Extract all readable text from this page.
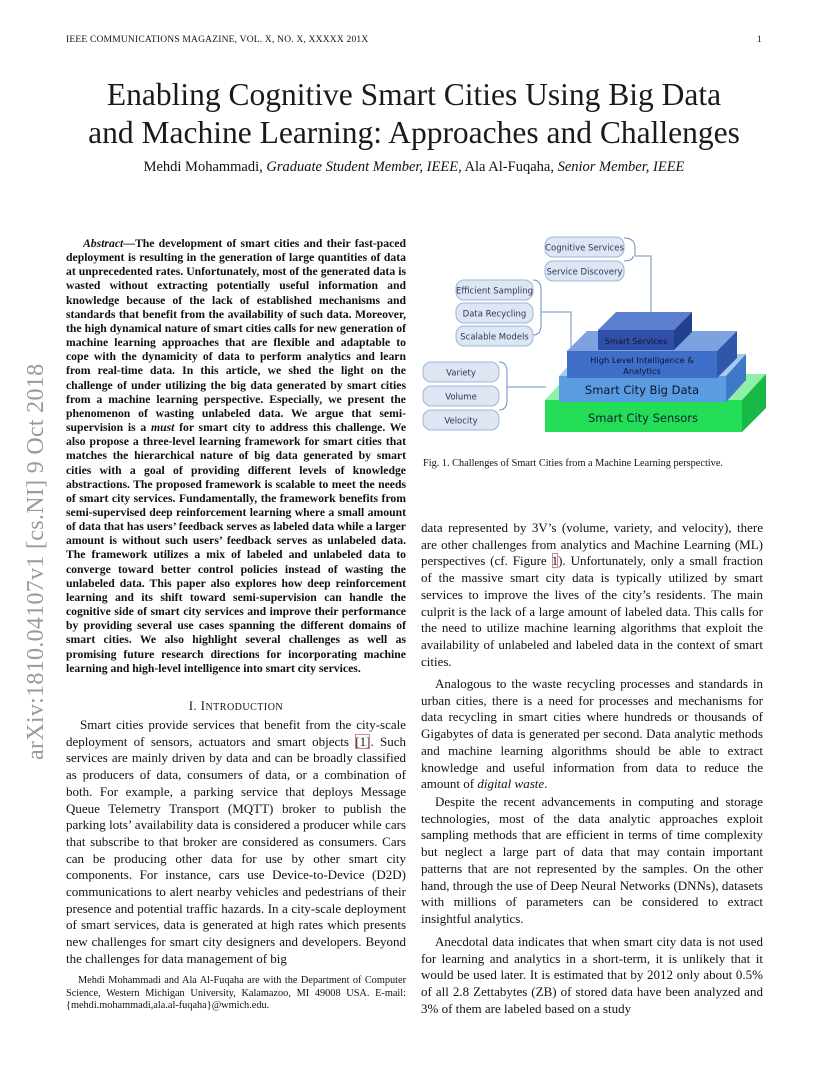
IEEE COMMUNICATIONS MAGAZINE, VOL. X, NO. X, XXXXX 201X	1
Enabling Cognitive Smart Cities Using Big Data
and Machine Learning: Approaches and Challenges
Mehdi Mohammadi, Graduate Student Member, IEEE, Ala Al-Fuqaha, Senior Member, IEEE
arXiv:1810.04107v1 [cs.NI] 9 Oct 2018
Abstract—The development of smart cities and their fast-paced deployment is resulting in the generation of large quantities of data at unprecedented rates. Unfortunately, most of the generated data is wasted without extracting potentially useful information and knowledge because of the lack of established mechanisms and standards that benefit from the availability of such data. Moreover, the high dynamical nature of smart cities calls for new generation of machine learning approaches that are flexible and adaptable to cope with the dynamicity of data to perform analytics and learn from real-time data. In this article, we shed the light on the challenge of under utilizing the big data generated by smart cities from a machine learning perspective. Especially, we present the phenomenon of wasting unlabeled data. We argue that semi-supervision is a must for smart city to address this challenge. We also propose a three-level learning framework for smart cities that matches the hierarchical nature of big data generated by smart cities with a goal of providing different levels of knowledge abstractions. The proposed framework is scalable to meet the needs of smart city services. Fundamentally, the framework benefits from semi-supervised deep reinforcement learning where a small amount of data that has users’ feedback serves as labeled data while a larger amount is without such users’ feedback serves as unlabeled data. The framework utilizes a mix of labeled and unlabeled data to converge toward better control policies instead of wasting the unlabeled data. This paper also explores how deep reinforcement learning and its shift toward semi-supervision can handle the cognitive side of smart city services and improve their performance by providing several use cases spanning the different domains of smart cities. We also highlight several challenges as well as promising future research directions for incorporating machine learning and high-level intelligence into smart city services.
I. INTRODUCTION

Smart cities provide services that benefit from the city-scale deployment of sensors, actuators and smart objects [1]. Such services are mainly driven by data and can be broadly classified as producers of data, consumers of data, or a combination of both. For example, a parking service that deploys Message Queue Telemetry Transport (MQTT) broker to publish the parking lots’ availability data is considered a producer while cars that subscribe to that broker are considered as consumers. Cars can be producing other data for use by other smart city components. For instance, cars use Device-to-Device (D2D) communications to alert nearby vehicles and pedestrians of their presence and potential traffic hazards. In a city-scale deployment of smart services, data is generated at high rates which presents new challenges for smart city designers and developers. Beyond the challenges for data management of big

Mehdi Mohammadi and Ala Al-Fuqaha are with the Department of Computer Science, Western Michigan University, Kalamazoo, MI 49008 USA. E-mail: {mehdi.mohammadi,ala.al-fuqaha}@wmich.edu.

Smart City Sensors
Smart City Big Data
High Level Intelligence &
Analytics
Smart Services
Cognitive Services
Service Discovery
Efficient Sampling
Data Recycling
Scalable Models
Variety
Volume
Velocity
Fig. 1. Challenges of Smart Cities from a Machine Learning perspective.

data represented by 3V’s (volume, variety, and velocity), there are other challenges from analytics and Machine Learning (ML) perspectives (cf. Figure 1). Unfortunately, only a small fraction of the massive smart city data is typically utilized by smart services to improve the lives of the city’s residents. The main culprit is the lack of a large amount of labeled data. This calls for the need to utilize machine learning algorithms that exploit the availability of unlabeled and labeled data in the context of smart cities.

Analogous to the waste recycling processes and standards in urban cities, there is a need for processes and mechanisms for data recycling in smart cities where hundreds or thousands of Gigabytes of data is generated per second. Data analytic methods and machine learning algorithms should be able to extract knowledge and useful information from data to reduce the amount of digital waste.

Despite the recent advancements in computing and storage technologies, most of the data analytic approaches exploit sampling methods that are efficient in terms of time complexity but neglect a large part of data that may contain important patterns that are not represented by the samples. On the other hand, through the use of Deep Neural Networks (DNNs), datasets with millions of parameters can be considered to extract insightful analytics.

Anecdotal data indicates that when smart city data is not used for learning and analytics in a short-term, it is unlikely that it would be used later. It is estimated that by 2012 only about 0.5% of all 2.8 Zettabytes (ZB) of stored data have been analyzed and 3% of them are labeled based on a study
